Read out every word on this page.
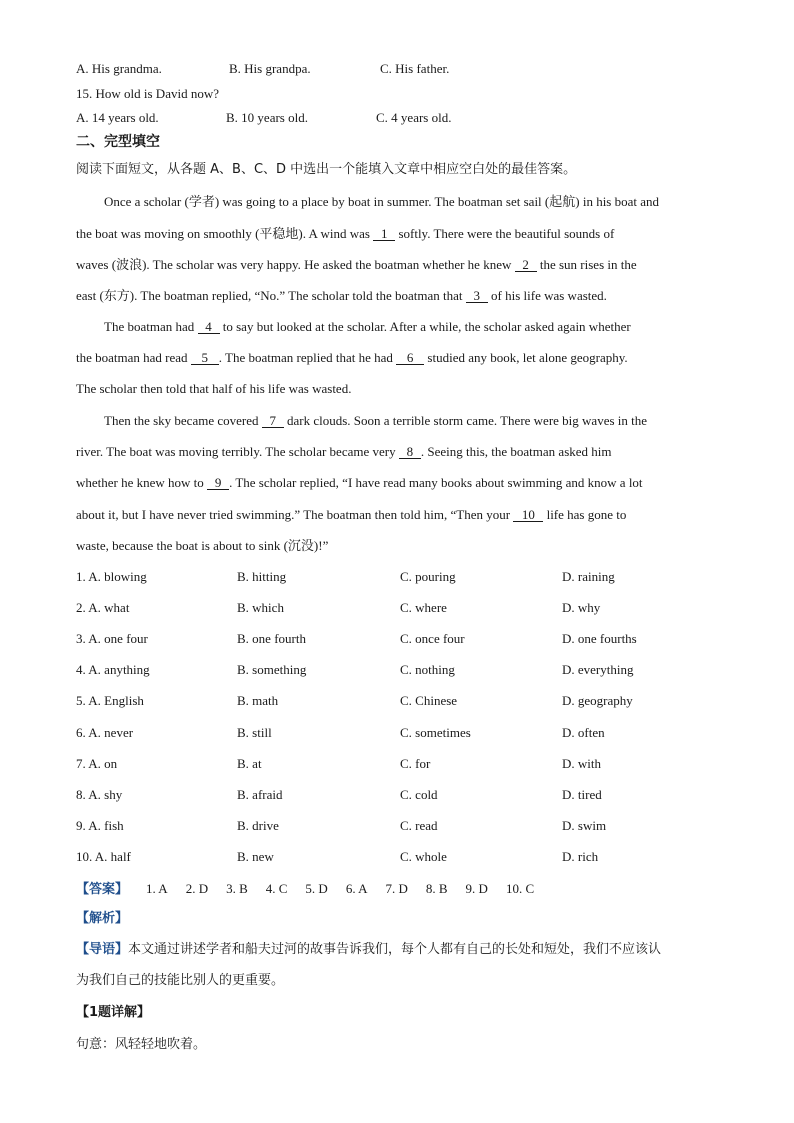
A. His grandma.	B. His grandpa.	C. His father.
15. How old is David now?
A. 14 years old.	B. 10 years old.	C. 4 years old.
二、完型填空
阅读下面短文，从各题 A、B、C、D 中选出一个能填入文章中相应空白处的最佳答案。
Once a scholar (学者) was going to a place by boat in summer. The boatman set sail (起航) in his boat and
the boat was moving on smoothly (平稳地). A wind was 1 softly. There were the beautiful sounds of
waves (波浪). The scholar was very happy. He asked the boatman whether he knew 2 the sun rises in the
east (东方). The boatman replied, “No.” The scholar told the boatman that 3 of his life was wasted.
The boatman had 4 to say but looked at the scholar. After a while, the scholar asked again whether
the boatman had read 5 . The boatman replied that he had 6 studied any book, let alone geography.
The scholar then told that half of his life was wasted.
Then the sky became covered 7 dark clouds. Soon a terrible storm came. There were big waves in the
river. The boat was moving terribly. The scholar became very 8 . Seeing this, the boatman asked him
whether he knew how to 9 . The scholar replied, “I have read many books about swimming and know a lot
about it, but I have never tried swimming.” The boatman then told him, “Then your 10 life has gone to
waste, because the boat is about to sink (沉没)!”
1. A. blowing	B. hitting	C. pouring	D. raining
2. A. what	B. which	C. where	D. why
3. A. one four	B. one fourth	C. once four	D. one fourths
4. A. anything	B. something	C. nothing	D. everything
5. A. English	B. math	C. Chinese	D. geography
6. A. never	B. still	C. sometimes	D. often
7. A. on	B. at	C. for	D. with
8. A. shy	B. afraid	C. cold	D. tired
9. A. fish	B. drive	C. read	D. swim
10. A. half	B. new	C. whole	D. rich
【答案】 1. A 2. D 3. B 4. C 5. D 6. A 7. D 8. B 9. D 10. C
【解析】
【导语】本文通过讲述学者和船夫过河的故事告诉我们，每个人都有自己的长处和短处，我们不应该认
为我们自己的技能比别人的更重要。
【1题详解】
句意：风轻轻地吹着。
